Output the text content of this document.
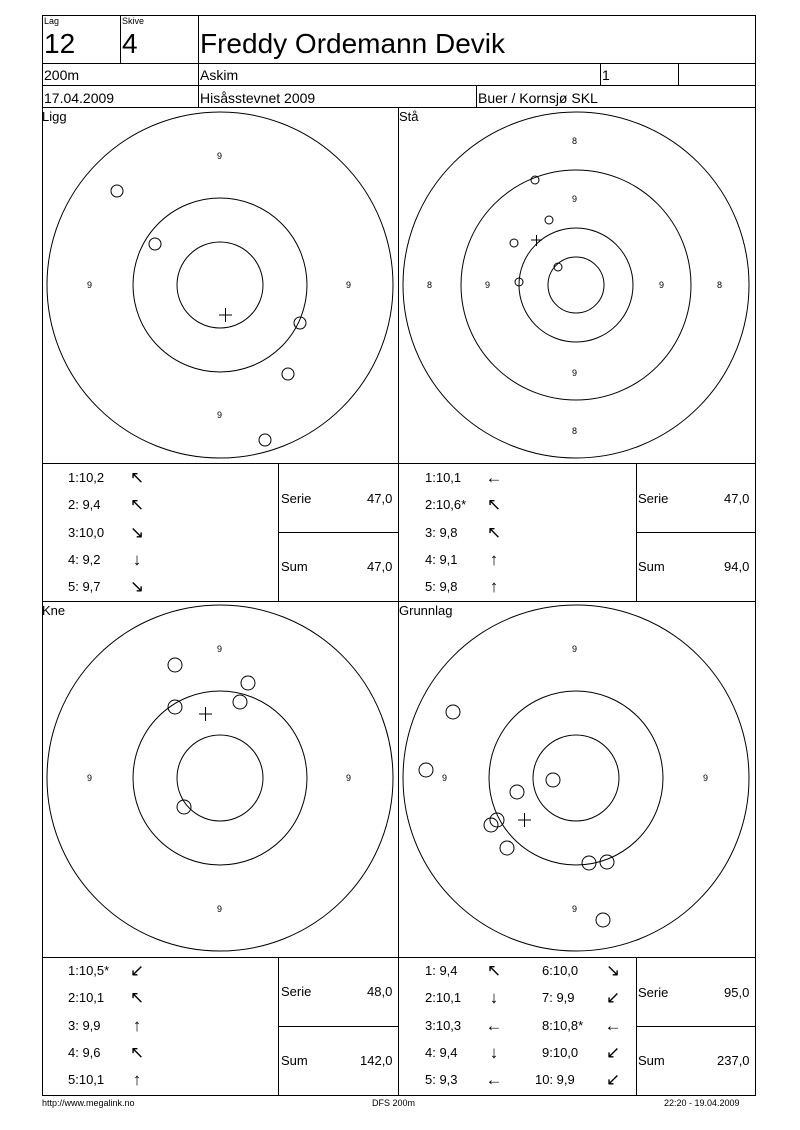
Lag
12
Skive
4 Freddy Ordemann Devik
200m	Askim	1
17.04.2009	Hisåsstevnet 2009	Buer / Kornsjø SKL
Ligg
9
9	9
9
1:10,2 ↖
2: 9,4 ↖
3:10,0 ↘
4: 9,2 ↓
5: 9,7 ↘
Serie	47,0
Sum	47,0
Stå
8
9
8	9	9	8
9
8
1:10,1 ←
2:10,6* ↖
3: 9,8 ↖
4: 9,1 ↑
5: 9,8 ↑
Serie	47,0
Sum	94,0
Kne
9
9	9
9
1:10,5* ↙
2:10,1 ↖
3: 9,9 ↑
4: 9,6 ↖
5:10,1 ↑
Serie	48,0
Sum	142,0
Grunnlag
9
9	9
9
1: 9,4 ↖
2:10,1 ↓
3:10,3 ←
4: 9,4 ↓
5: 9,3 ←
6:10,0 ↘
7: 9,9 ↙
8:10,8* ←
9:10,0 ↙
10: 9,9 ↙
Serie	95,0
Sum	237,0
http://www.megalink.no	DFS 200m	22:20 - 19.04.2009
